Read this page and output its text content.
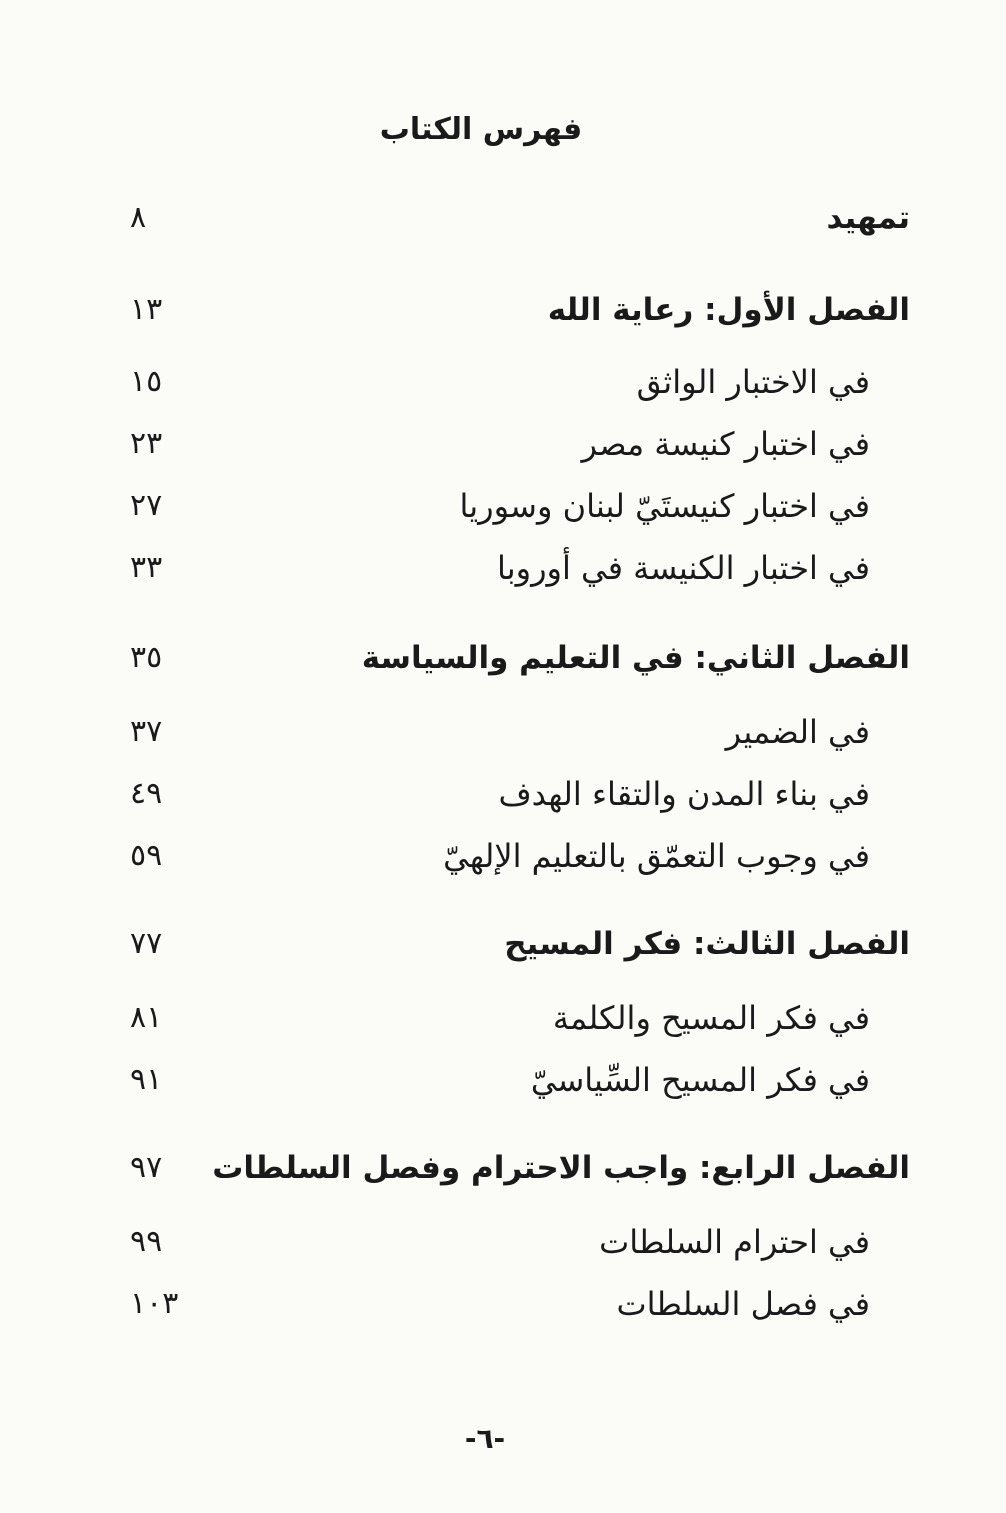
فهرس الكتاب
تمهيد
٨
الفصل الأول: رعاية الله
١٣
في الاختبار الواثق
١٥
في اختبار كنيسة مصر
٢٣
في اختبار كنيستَيّ لبنان وسوريا
٢٧
في اختبار الكنيسة في أوروبا
٣٣
الفصل الثاني: في التعليم والسياسة
٣٥
في الضمير
٣٧
في بناء المدن والتقاء الهدف
٤٩
في وجوب التعمّق بالتعليم الإلهيّ
٥٩
الفصل الثالث: فكر المسيح
٧٧
في فكر المسيح والكلمة
٨١
في فكر المسيح السِّياسيّ
٩١
الفصل الرابع: واجب الاحترام وفصل السلطات
٩٧
في احترام السلطات
٩٩
في فصل السلطات
١٠٣
-٦-
